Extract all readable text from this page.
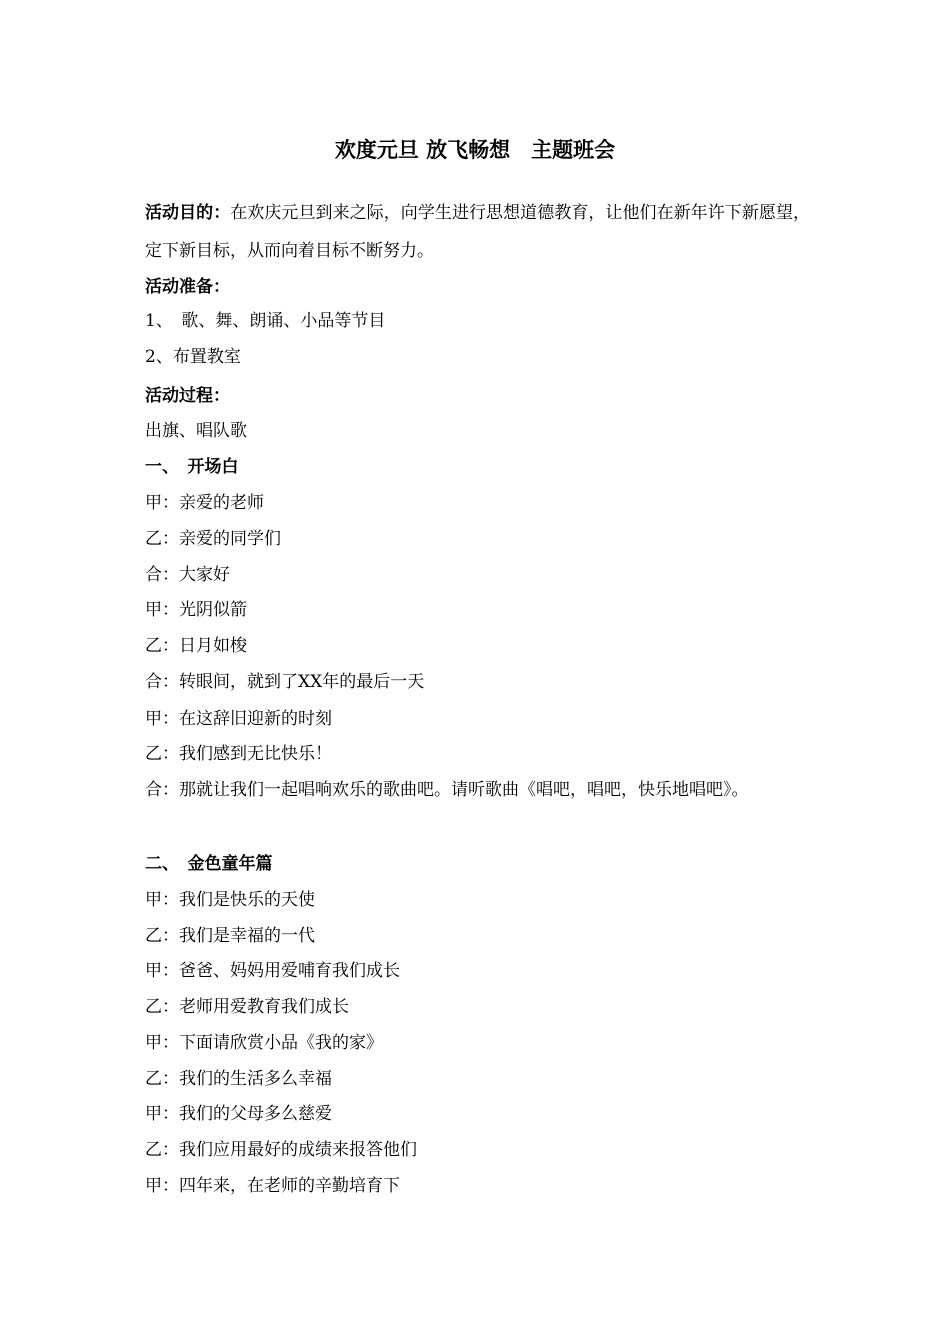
欢度元旦 放飞畅想　主题班会
活动目的：在欢庆元旦到来之际，向学生进行思想道德教育，让他们在新年许下新愿望，定下新目标，从而向着目标不断努力。
活动准备：
1、　歌、舞、朗诵、小品等节目
2、布置教室
活动过程：
出旗、唱队歌
一、　开场白
甲：亲爱的老师
乙：亲爱的同学们
合：大家好
甲：光阴似箭
乙：日月如梭
合：转眼间，就到了XX年的最后一天
甲：在这辞旧迎新的时刻
乙：我们感到无比快乐！
合：那就让我们一起唱响欢乐的歌曲吧。请听歌曲《唱吧，唱吧，快乐地唱吧》。
二、　金色童年篇
甲：我们是快乐的天使
乙：我们是幸福的一代
甲：爸爸、妈妈用爱哺育我们成长
乙：老师用爱教育我们成长
甲：下面请欣赏小品《我的家》
乙：我们的生活多么幸福
甲：我们的父母多么慈爱
乙：我们应用最好的成绩来报答他们
甲：四年来，在老师的辛勤培育下
